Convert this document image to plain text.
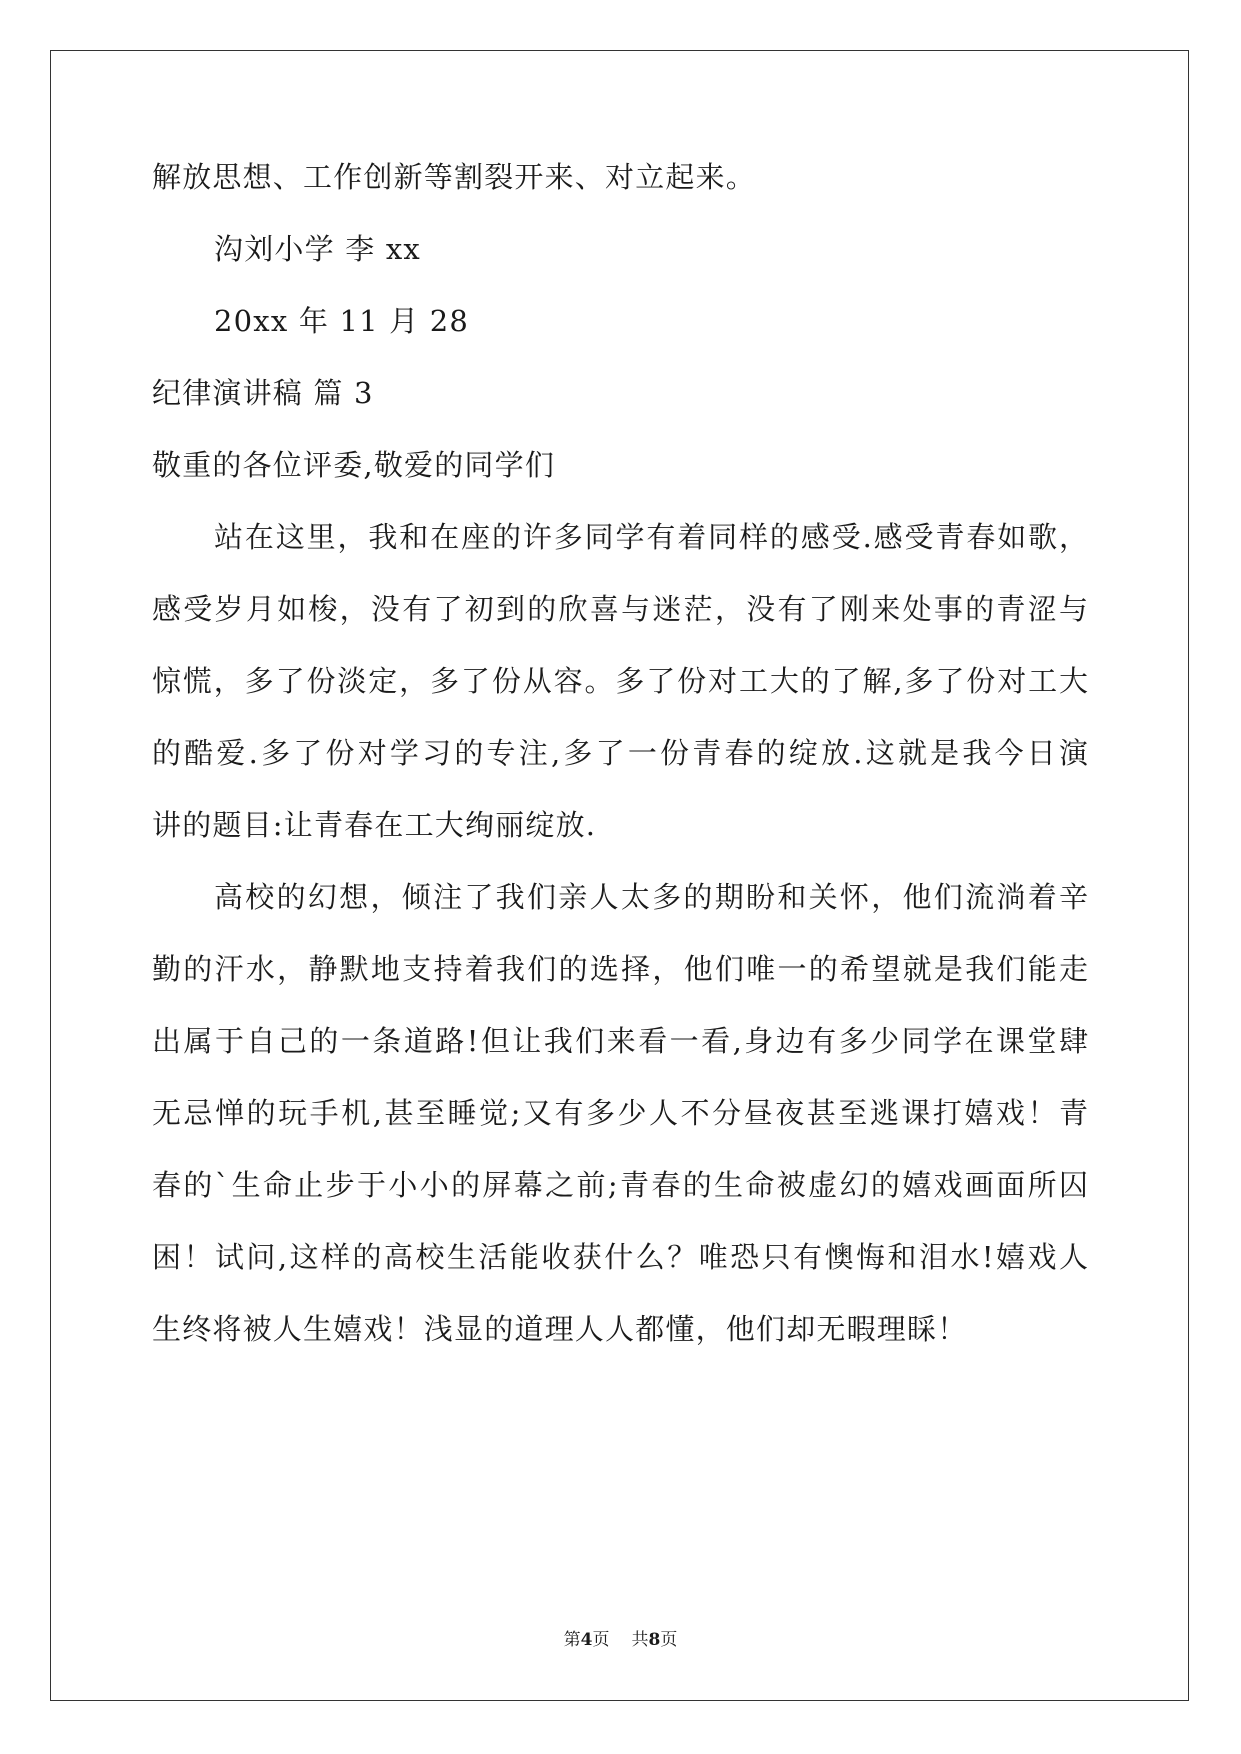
解放思想、工作创新等割裂开来、对立起来。
沟刘小学 李 xx
20xx 年 11 月 28
纪律演讲稿 篇 3
敬重的各位评委,敬爱的同学们
站在这里，我和在座的许多同学有着同样的感受.感受青春如歌，
感受岁月如梭，没有了初到的欣喜与迷茫，没有了刚来处事的青涩与
惊慌，多了份淡定，多了份从容。多了份对工大的了解,多了份对工大
的酷爱.多了份对学习的专注,多了一份青春的绽放.这就是我今日演
讲的题目:让青春在工大绚丽绽放.
高校的幻想，倾注了我们亲人太多的期盼和关怀，他们流淌着辛
勤的汗水，静默地支持着我们的选择，他们唯一的希望就是我们能走
出属于自己的一条道路!但让我们来看一看,身边有多少同学在课堂肆
无忌惮的玩手机,甚至睡觉;又有多少人不分昼夜甚至逃课打嬉戏！青
春的`生命止步于小小的屏幕之前;青春的生命被虚幻的嬉戏画面所囚
困！试问,这样的高校生活能收获什么？唯恐只有懊悔和泪水!嬉戏人
生终将被人生嬉戏！浅显的道理人人都懂，他们却无暇理睬！
第4页 共8页
